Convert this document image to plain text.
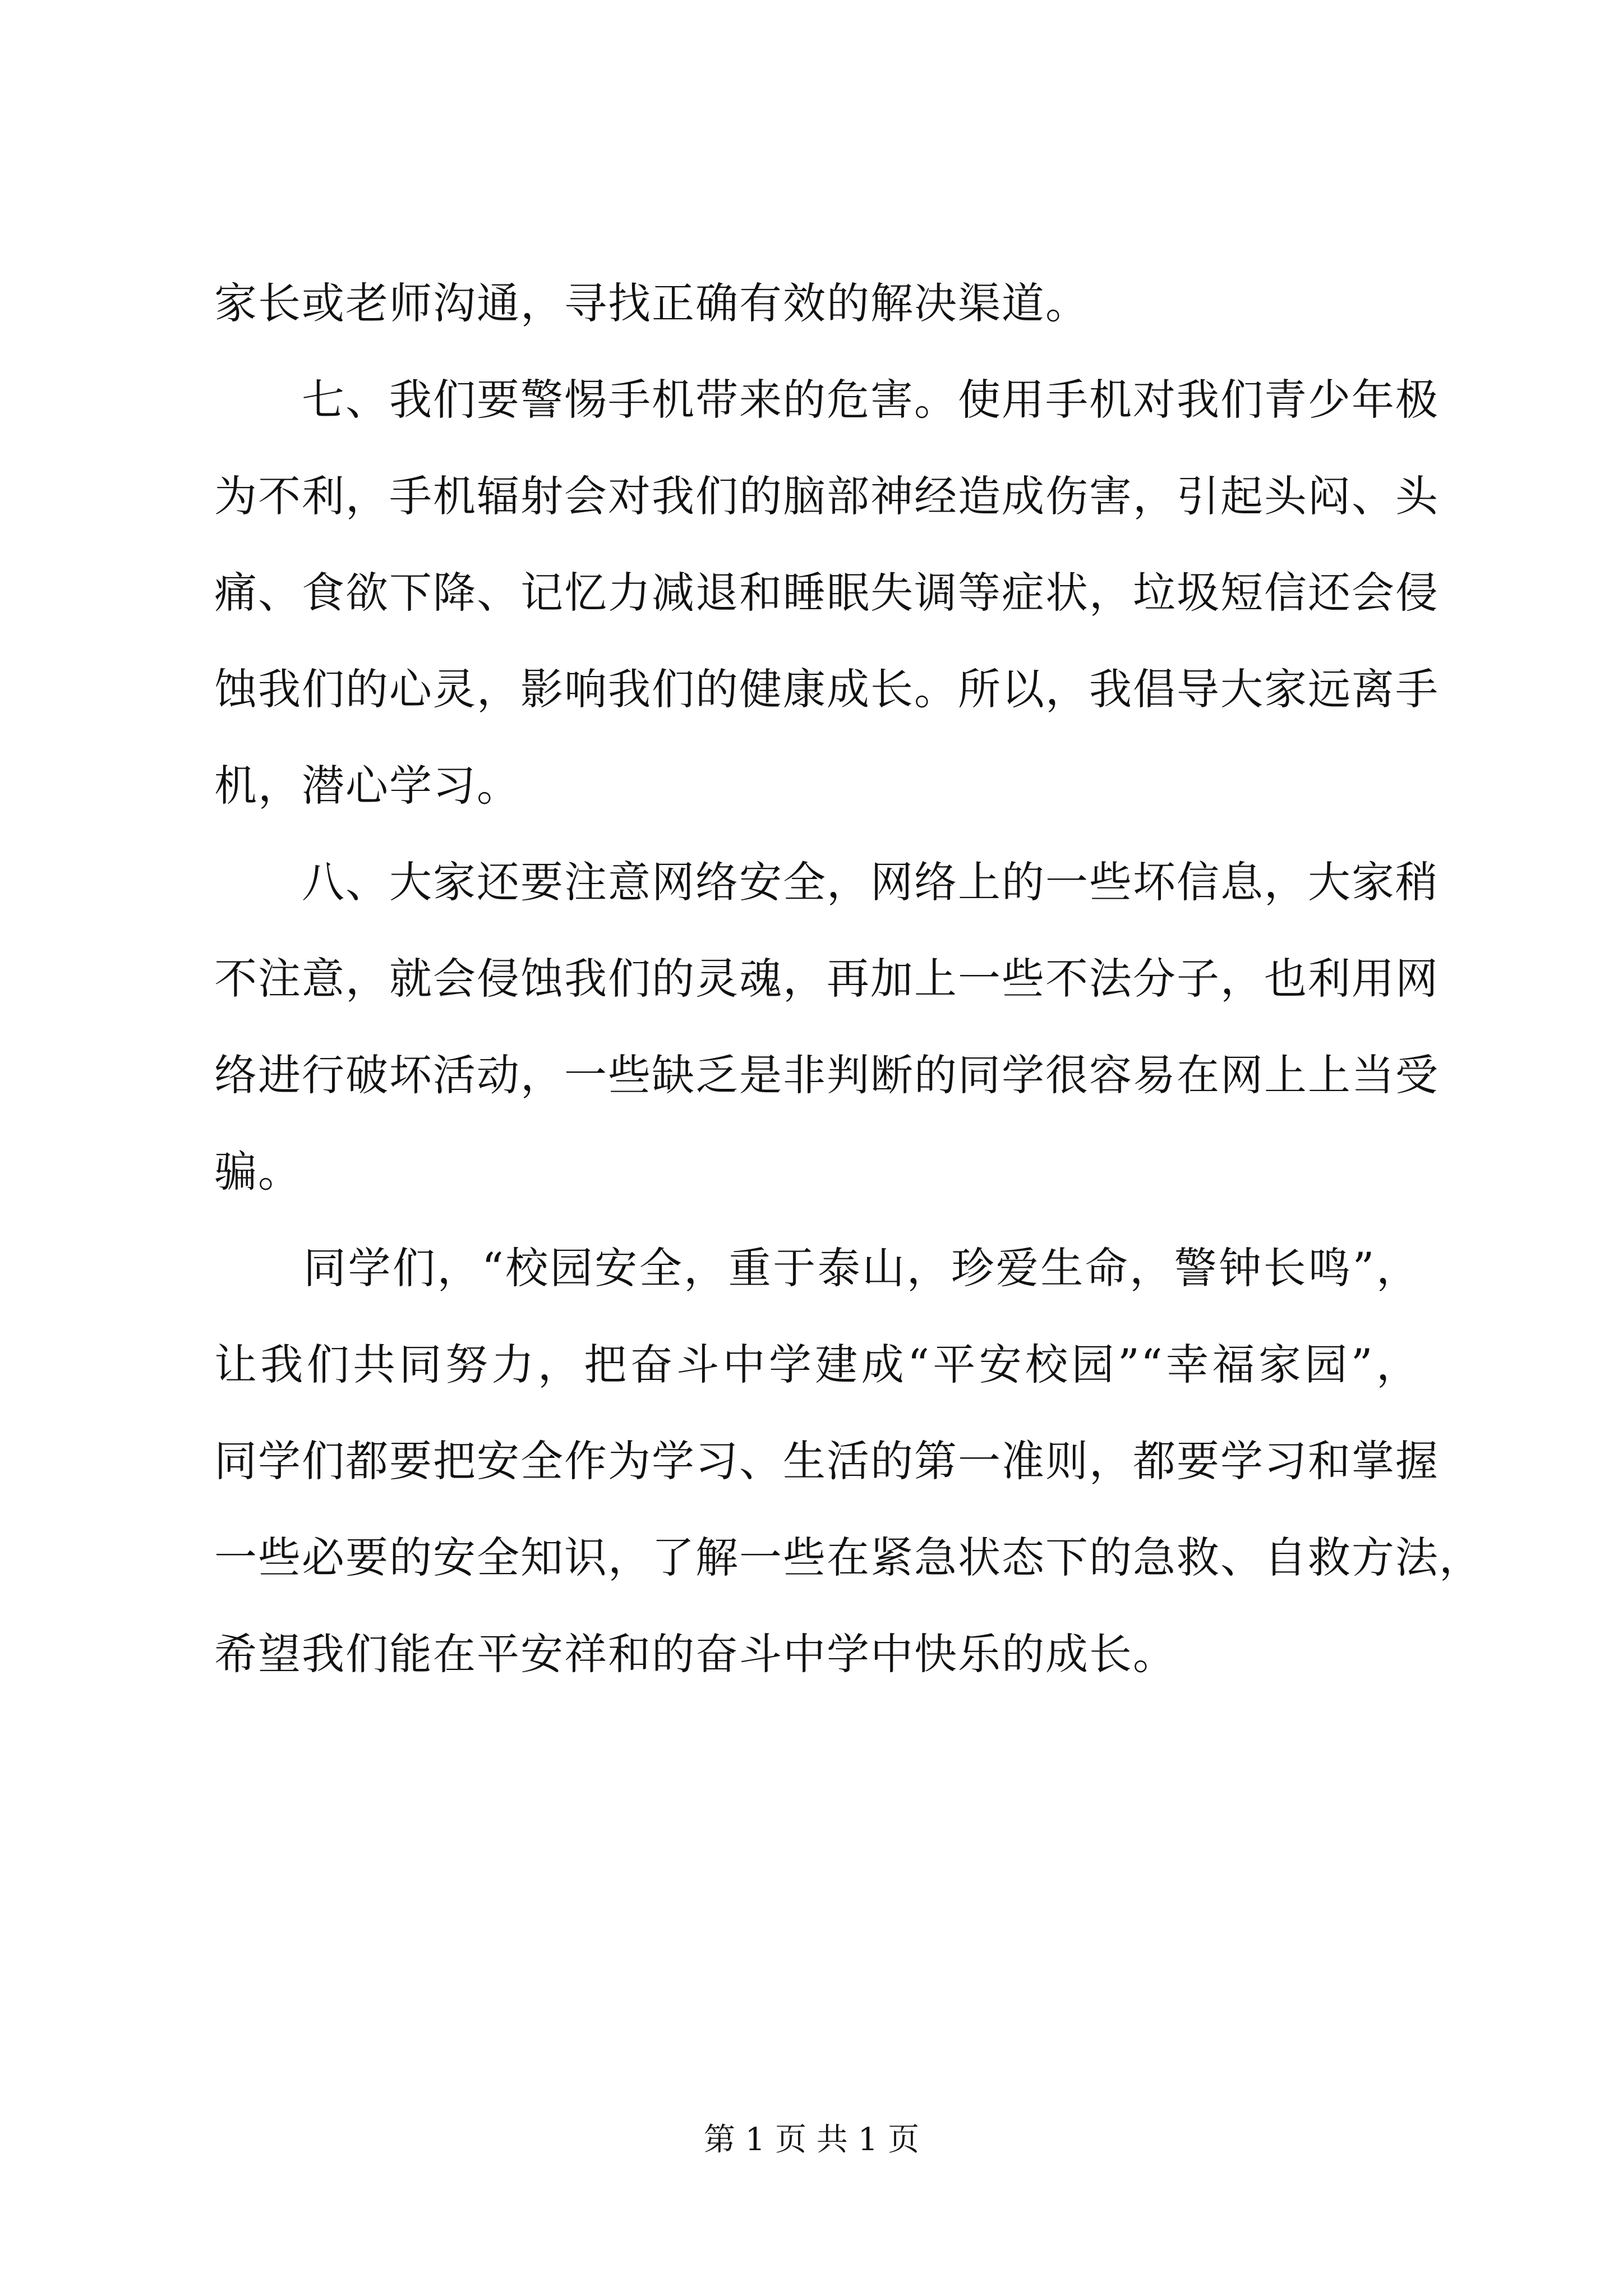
家长或老师沟通，寻找正确有效的解决渠道。
　　七、我们要警惕手机带来的危害。使用手机对我们青少年极
为不利，手机辐射会对我们的脑部神经造成伤害，引起头闷、头
痛、食欲下降、记忆力减退和睡眠失调等症状，垃圾短信还会侵
蚀我们的心灵，影响我们的健康成长。所以，我倡导大家远离手
机，潜心学习。
　　八、大家还要注意网络安全，网络上的一些坏信息，大家稍
不注意，就会侵蚀我们的灵魂，再加上一些不法分子，也利用网
络进行破坏活动，一些缺乏是非判断的同学很容易在网上上当受
骗。
　　同学们，“校园安全，重于泰山，珍爱生命，警钟长鸣”，
让我们共同努力，把奋斗中学建成“平安校园”“幸福家园”，
同学们都要把安全作为学习、生活的第一准则，都要学习和掌握
一些必要的安全知识，了解一些在紧急状态下的急救、自救方法，
希望我们能在平安祥和的奋斗中学中快乐的成长。
第 1 页 共 1 页
